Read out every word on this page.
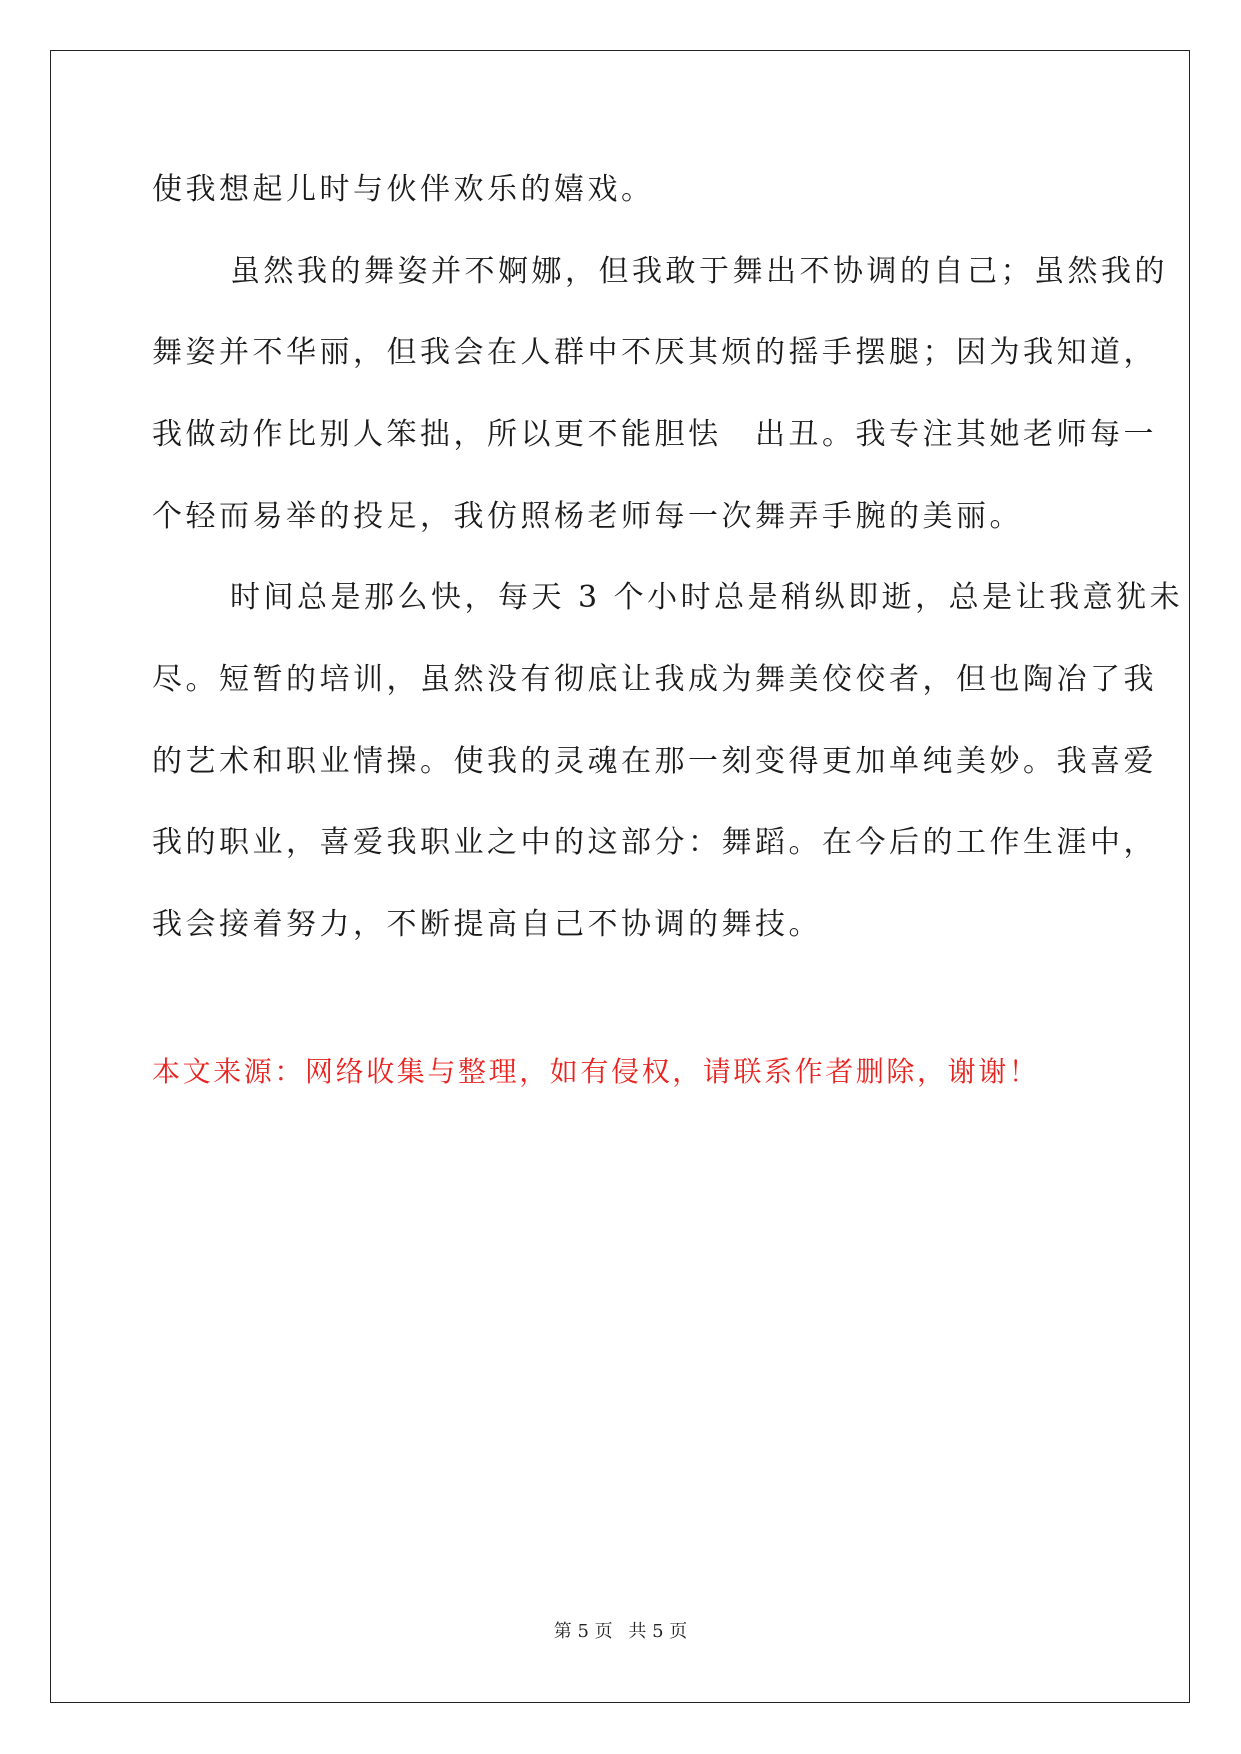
使我想起儿时与伙伴欢乐的嬉戏。
虽然我的舞姿并不婀娜，但我敢于舞出不协调的自己；虽然我的
舞姿并不华丽，但我会在人群中不厌其烦的摇手摆腿；因为我知道，
我做动作比别人笨拙，所以更不能胆怯　出丑。我专注其她老师每一
个轻而易举的投足，我仿照杨老师每一次舞弄手腕的美丽。
时间总是那么快，每天 3 个小时总是稍纵即逝，总是让我意犹未
尽。短暂的培训，虽然没有彻底让我成为舞美佼佼者，但也陶冶了我
的艺术和职业情操。使我的灵魂在那一刻变得更加单纯美妙。我喜爱
我的职业，喜爱我职业之中的这部分：舞蹈。在今后的工作生涯中，
我会接着努力，不断提高自己不协调的舞技。
本文来源：网络收集与整理，如有侵权，请联系作者删除，谢谢！
第 5 页 共 5 页
